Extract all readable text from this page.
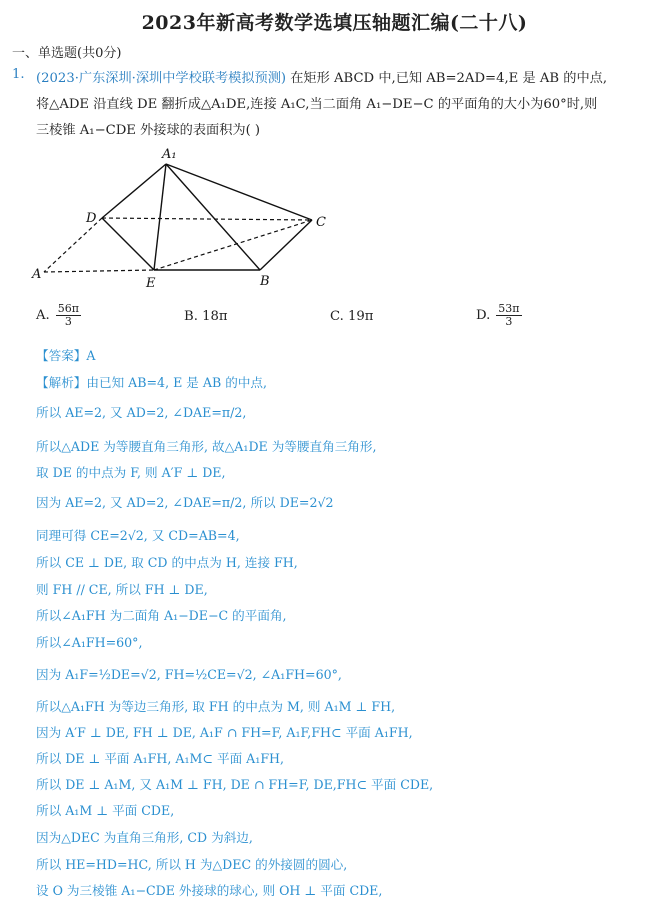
2023年新高考数学选填压轴题汇编(二十八)
一、单选题(共0分)
1. (2023·广东深圳·深圳中学校联考模拟预测) 在矩形 ABCD 中,已知 AB=2AD=4,E 是 AB 的中点,
将△ADE 沿直线 DE 翻折成△A₁DE,连接 A₁C,当二面角 A₁−DE−C 的平面角的大小为60°时,则
三棱锥 A₁−CDE 外接球的表面积为( )
A₁
D	C
A
E	B
A. $\frac{56\pi}{3}$	B. 18π	C. 19π	D. $\frac{53\pi}{3}$
【答案】A
【解析】由已知 AB=4, E 是 AB 的中点,
所以 AE=2, 又 AD=2, ∠DAE=π/2,
所以△ADE 为等腰直角三角形, 故△A₁DE 为等腰直角三角形,
取 DE 的中点为 F, 则 A′F ⊥ DE,
因为 AE=2, 又 AD=2, ∠DAE=π/2, 所以 DE=2√2
同理可得 CE=2√2, 又 CD=AB=4,
所以 CE ⊥ DE, 取 CD 的中点为 H, 连接 FH,
则 FH // CE, 所以 FH ⊥ DE,
所以∠A₁FH 为二面角 A₁−DE−C 的平面角,
所以∠A₁FH=60°,
因为 A₁F=½DE=√2, FH=½CE=√2, ∠A₁FH=60°,
所以△A₁FH 为等边三角形, 取 FH 的中点为 M, 则 A₁M ⊥ FH,
因为 A′F ⊥ DE, FH ⊥ DE, A₁F ∩ FH=F, A₁F,FH⊂ 平面 A₁FH,
所以 DE ⊥ 平面 A₁FH, A₁M⊂ 平面 A₁FH,
所以 DE ⊥ A₁M, 又 A₁M ⊥ FH, DE ∩ FH=F, DE,FH⊂ 平面 CDE,
所以 A₁M ⊥ 平面 CDE,
因为△DEC 为直角三角形, CD 为斜边,
所以 HE=HD=HC, 所以 H 为△DEC 的外接圆的圆心,
设 O 为三棱锥 A₁−CDE 外接球的球心, 则 OH ⊥ 平面 CDE,
